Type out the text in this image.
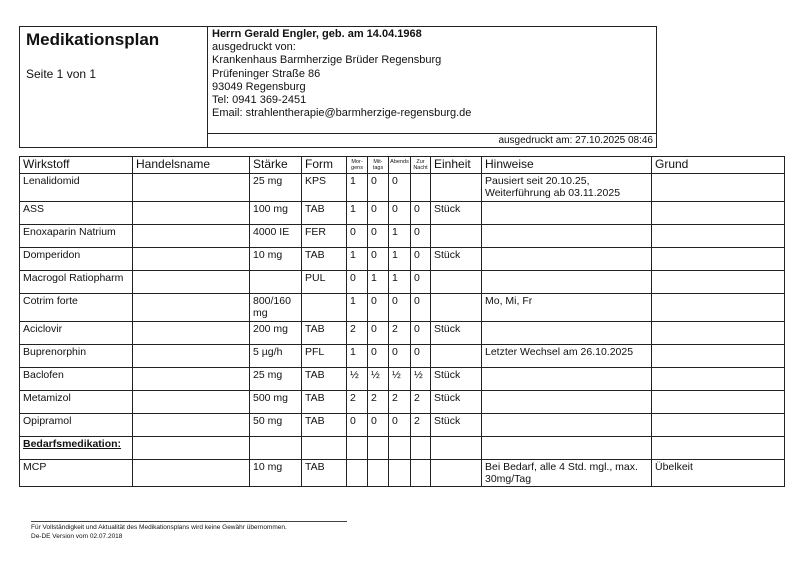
Medikationsplan
Seite 1 von 1
Herrn Gerald Engler, geb. am 14.04.1968
ausgedruckt von:
Krankenhaus Barmherzige Brüder Regensburg
Prüfeninger Straße 86
93049 Regensburg
Tel: 0941 369-2451
Email: strahlentherapie@barmherzige-regensburg.de
ausgedruckt am: 27.10.2025 08:46
Wirkstoff	Handelsname	Stärke	Form	Mor-gens	Mit-tags	Abends	Zur Nacht	Einheit	Hinweise	Grund
Lenalidomid		25 mg	KPS	1	0	0			Pausiert seit 20.10.25, Weiterführung ab 03.11.2025	
ASS		100 mg	TAB	1	0	0	0	Stück		
Enoxaparin Natrium		4000 IE	FER	0	0	1	0			
Domperidon		10 mg	TAB	1	0	1	0	Stück		
Macrogol Ratiopharm			PUL	0	1	1	0			
Cotrim forte		800/160 mg		1	0	0	0		Mo, Mi, Fr	
Aciclovir		200 mg	TAB	2	0	2	0	Stück		
Buprenorphin		5 µg/h	PFL	1	0	0	0		Letzter Wechsel am 26.10.2025	
Baclofen		25 mg	TAB	½	½	½	½	Stück		
Metamizol		500 mg	TAB	2	2	2	2	Stück		
Opipramol		50 mg	TAB	0	0	0	2	Stück		
Bedarfsmedikation:										
MCP		10 mg	TAB						Bei Bedarf, alle 4 Std. mgl., max. 30mg/Tag	Übelkeit
Für Vollständigkeit und Aktualität des Medikationsplans wird keine Gewähr übernommen.
De-DE Version vom 02.07.2018
